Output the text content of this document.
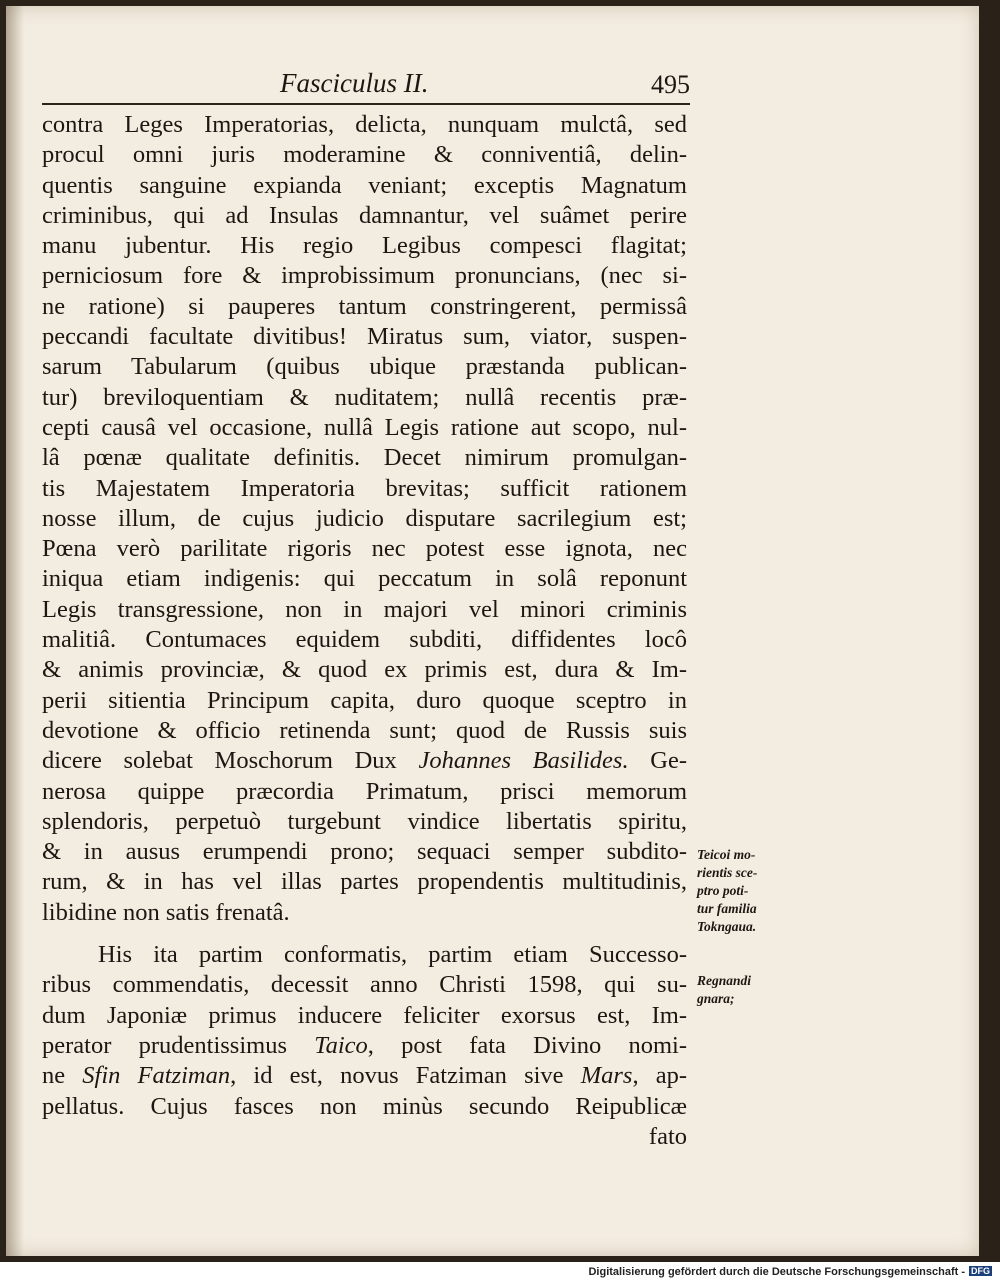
Fasciculus II.	495
contra Leges Imperatorias, delicta, nunquam mulctâ, sed
procul omni juris moderamine & conniventiâ, delin-
quentis sanguine expianda veniant; exceptis Magnatum
criminibus, qui ad Insulas damnantur, vel suâmet perire
manu jubentur. His regio Legibus compesci flagitat;
perniciosum fore & improbissimum pronuncians, (nec si-
ne ratione) si pauperes tantum constringerent, permissâ
peccandi facultate divitibus! Miratus sum, viator, suspen-
sarum Tabularum (quibus ubique præstanda publican-
tur) breviloquentiam & nuditatem; nullâ recentis præ-
cepti causâ vel occasione, nullâ Legis ratione aut scopo, nul-
lâ pœnæ qualitate definitis. Decet nimirum promulgan-
tis Majestatem Imperatoria brevitas; sufficit rationem
nosse illum, de cujus judicio disputare sacrilegium est;
Pœna verò parilitate rigoris nec potest esse ignota, nec
iniqua etiam indigenis: qui peccatum in solâ reponunt
Legis transgressione, non in majori vel minori criminis
malitiâ. Contumaces equidem subditi, diffidentes locô
& animis provinciæ, & quod ex primis est, dura & Im-
perii sitientia Principum capita, duro quoque sceptro in
devotione & officio retinenda sunt; quod de Russis suis
dicere solebat Moschorum Dux Johannes Basilides. Ge-
nerosa quippe præcordia Primatum, prisci memorum
splendoris, perpetuò turgebunt vindice libertatis spiritu,
& in ausus erumpendi prono; sequaci semper subdito-
rum, & in has vel illas partes propendentis multitudinis,
libidine non satis frenatâ.
His ita partim conformatis, partim etiam Successo-
ribus commendatis, decessit anno Christi 1598, qui su-
dum Japoniæ primus inducere feliciter exorsus est, Im-
perator prudentissimus Taico, post fata Divino nomi-
ne Sfin Fatziman, id est, novus Fatziman sive Mars, ap-
pellatus. Cujus fasces non minùs secundo Reipublicæ
fato
Teicoi mo-
rientis sce-
ptro poti-
tur familia
Tokngaua.
Regnandi
gnara;
Digitalisierung gefördert durch die Deutsche Forschungsgemeinschaft - DFG
